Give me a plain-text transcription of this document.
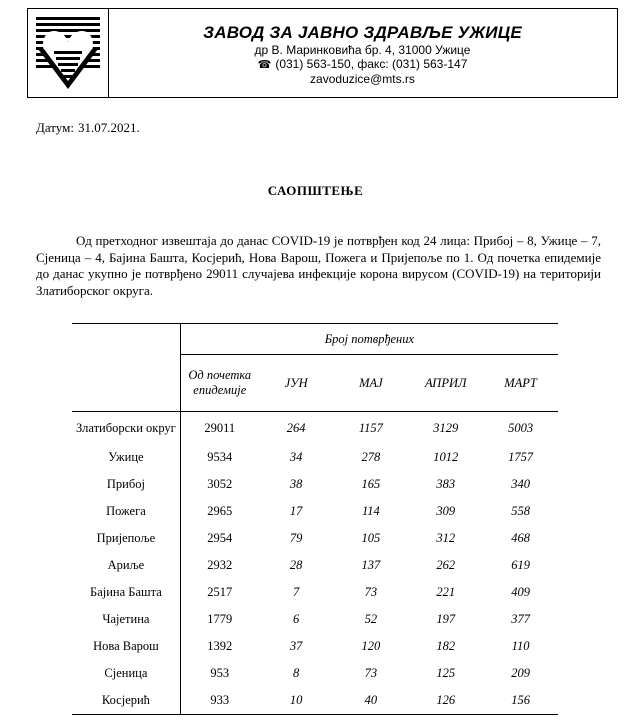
ЗАВОД ЗА ЈАВНО ЗДРАВЉЕ УЖИЦЕ
др В. Маринковића бр. 4, 31000 Ужице
☎ (031) 563-150, факс: (031) 563-147
zavoduzice@mts.rs
Датум: 31.07.2021.
САОПШТЕЊЕ
Од претходног извештаја до данас COVID-19 је потврђен код 24 лица: Прибој – 8, Ужице – 7, Сјеница – 4, Бајина Башта, Косјерић, Нова Варош, Пожега и Пријепоље по 1. Од почетка епидемије до данас укупно је потврђено 29011 случајева инфекције корона вирусом (COVID-19) на територији Златиборског округа.
	Број потврђених				
	Од почетка епидемије	ЈУН	МАЈ	АПРИЛ	МАРТ
Златиборски округ	29011	264	1157	3129	5003
Ужице	9534	34	278	1012	1757
Прибој	3052	38	165	383	340
Пожега	2965	17	114	309	558
Пријепоље	2954	79	105	312	468
Ариље	2932	28	137	262	619
Бајина Башта	2517	7	73	221	409
Чајетина	1779	6	52	197	377
Нова Варош	1392	37	120	182	110
Сјеница	953	8	73	125	209
Косјерић	933	10	40	126	156
